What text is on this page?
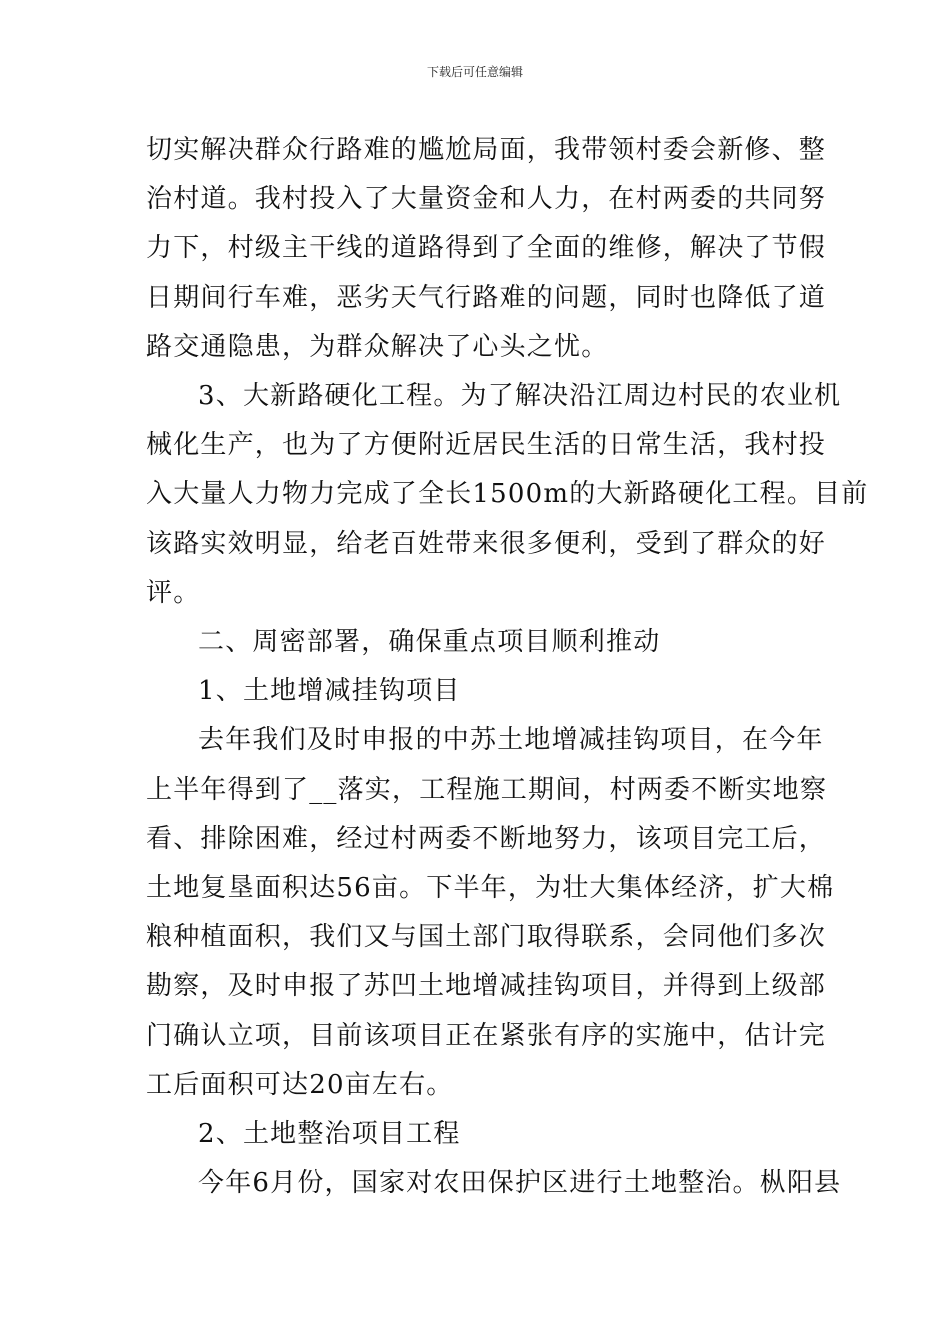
下载后可任意编辑

切实解决群众行路难的尴尬局面，我带领村委会新修、整
治村道。我村投入了大量资金和人力，在村两委的共同努
力下，村级主干线的道路得到了全面的维修，解决了节假
日期间行车难，恶劣天气行路难的问题，同时也降低了道
路交通隐患，为群众解决了心头之忧。

3、大新路硬化工程。为了解决沿江周边村民的农业机
械化生产，也为了方便附近居民生活的日常生活，我村投
入大量人力物力完成了全长1500m的大新路硬化工程。目前
该路实效明显，给老百姓带来很多便利，受到了群众的好
评。

二、周密部署，确保重点项目顺利推动

1、土地增减挂钩项目

去年我们及时申报的中苏土地增减挂钩项目，在今年
上半年得到了__落实，工程施工期间，村两委不断实地察
看、排除困难，经过村两委不断地努力，该项目完工后，
土地复垦面积达56亩。下半年，为壮大集体经济，扩大棉
粮种植面积，我们又与国土部门取得联系，会同他们多次
勘察，及时申报了苏凹土地增减挂钩项目，并得到上级部
门确认立项，目前该项目正在紧张有序的实施中，估计完
工后面积可达20亩左右。

2、土地整治项目工程

今年6月份，国家对农田保护区进行土地整治。枞阳县
